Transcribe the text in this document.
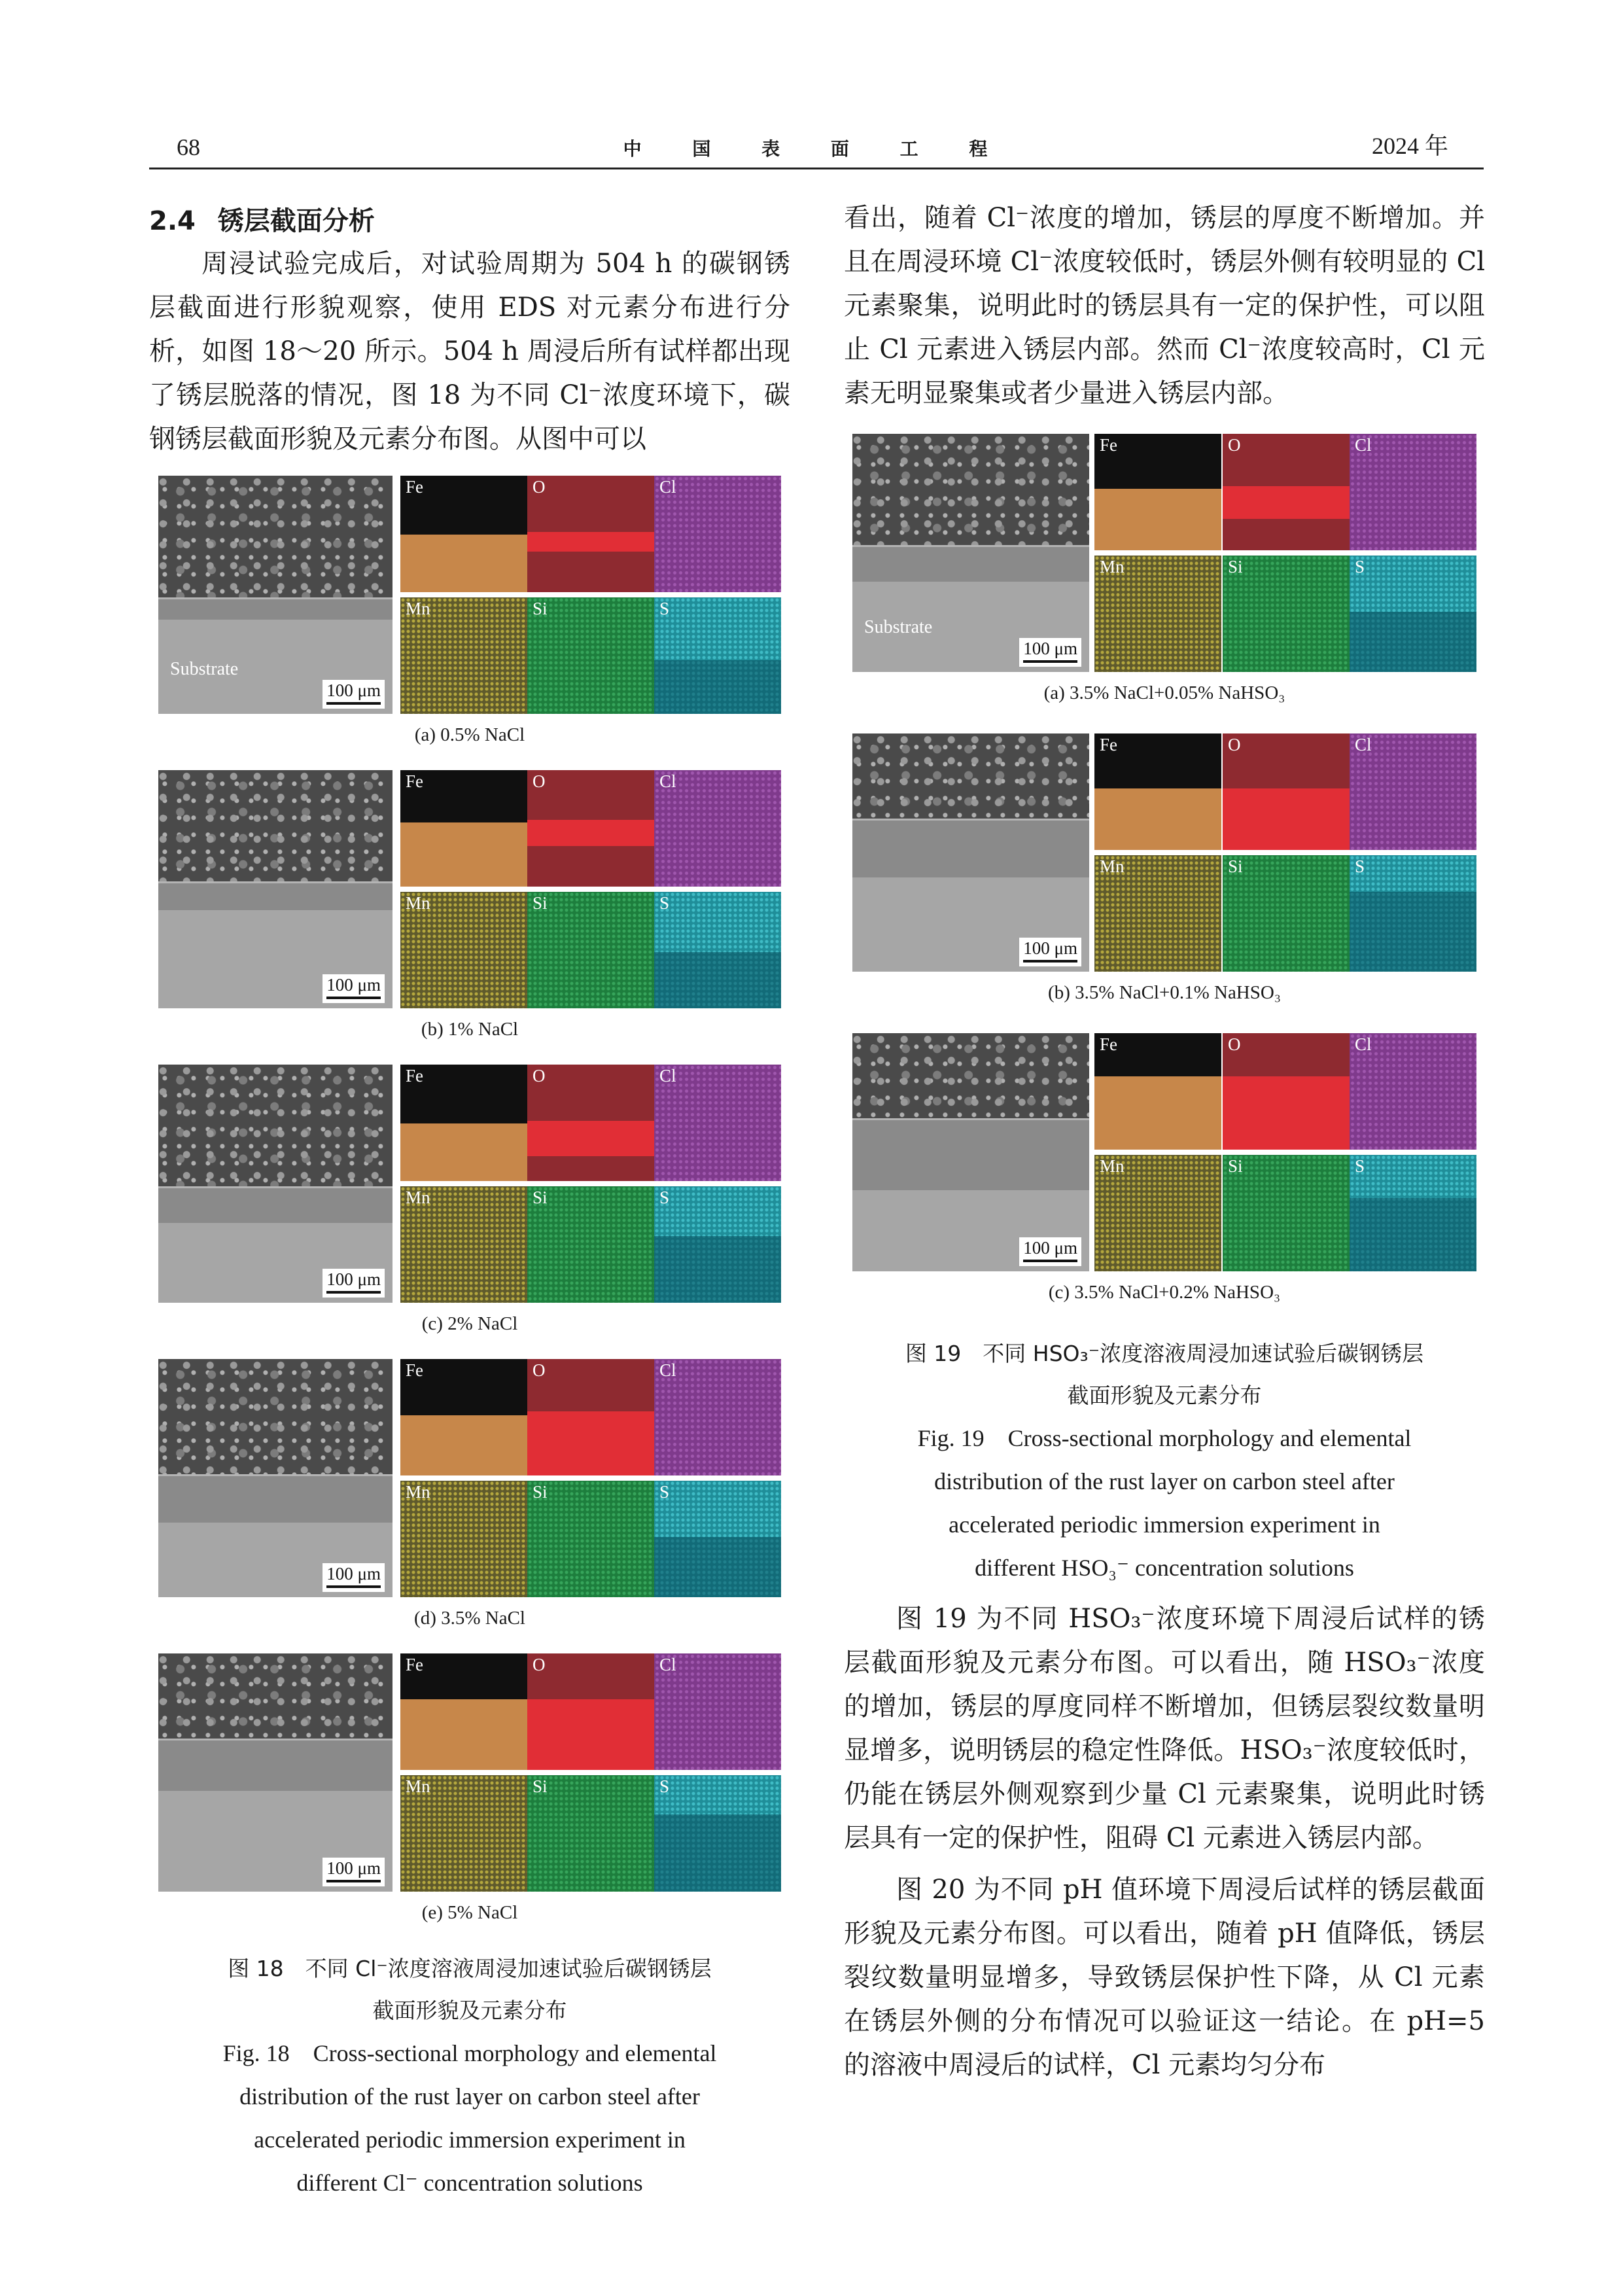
68	中 国 表 面 工 程	2024 年
2.4 锈层截面分析

周浸试验完成后，对试验周期为 504 h 的碳钢锈层截面进行形貌观察，使用 EDS 对元素分布进行分析，如图 18～20 所示。504 h 周浸后所有试样都出现了锈层脱落的情况，图 18 为不同 Cl⁻浓度环境下，碳钢锈层截面形貌及元素分布图。从图中可以

Substrate
100 μm
Fe	O	Cl
Mn	Si	S
(a) 0.5% NaCl
100 μm
Fe	O	Cl
Mn	Si	S
(b) 1% NaCl
100 μm
Fe	O	Cl
Mn	Si	S
(c) 2% NaCl
100 μm
Fe	O	Cl
Mn	Si	S
(d) 3.5% NaCl
100 μm
Fe	O	Cl
Mn	Si	S
(e) 5% NaCl
图 18　不同 Cl⁻浓度溶液周浸加速试验后碳钢锈层
截面形貌及元素分布
Fig. 18　Cross-sectional morphology and elemental
distribution of the rust layer on carbon steel after
accelerated periodic immersion experiment in
different Cl⁻ concentration solutions

看出，随着 Cl⁻浓度的增加，锈层的厚度不断增加。并且在周浸环境 Cl⁻浓度较低时，锈层外侧有较明显的 Cl 元素聚集，说明此时的锈层具有一定的保护性，可以阻止 Cl 元素进入锈层内部。然而 Cl⁻浓度较高时，Cl 元素无明显聚集或者少量进入锈层内部。

Substrate
100 μm
Fe	O	Cl
Mn	Si	S
(a) 3.5% NaCl+0.05% NaHSO₃
100 μm
Fe	O	Cl
Mn	Si	S
(b) 3.5% NaCl+0.1% NaHSO₃
100 μm
Fe	O	Cl
Mn	Si	S
(c) 3.5% NaCl+0.2% NaHSO₃
图 19　不同 HSO₃⁻浓度溶液周浸加速试验后碳钢锈层
截面形貌及元素分布
Fig. 19　Cross-sectional morphology and elemental
distribution of the rust layer on carbon steel after
accelerated periodic immersion experiment in
different HSO₃⁻ concentration solutions

图 19 为不同 HSO₃⁻浓度环境下周浸后试样的锈层截面形貌及元素分布图。可以看出，随 HSO₃⁻浓度的增加，锈层的厚度同样不断增加，但锈层裂纹数量明显增多，说明锈层的稳定性降低。HSO₃⁻浓度较低时，仍能在锈层外侧观察到少量 Cl 元素聚集，说明此时锈层具有一定的保护性，阻碍 Cl 元素进入锈层内部。

图 20 为不同 pH 值环境下周浸后试样的锈层截面形貌及元素分布图。可以看出，随着 pH 值降低，锈层裂纹数量明显增多，导致锈层保护性下降，从 Cl 元素在锈层外侧的分布情况可以验证这一结论。在 pH=5 的溶液中周浸后的试样，Cl 元素均匀分布
